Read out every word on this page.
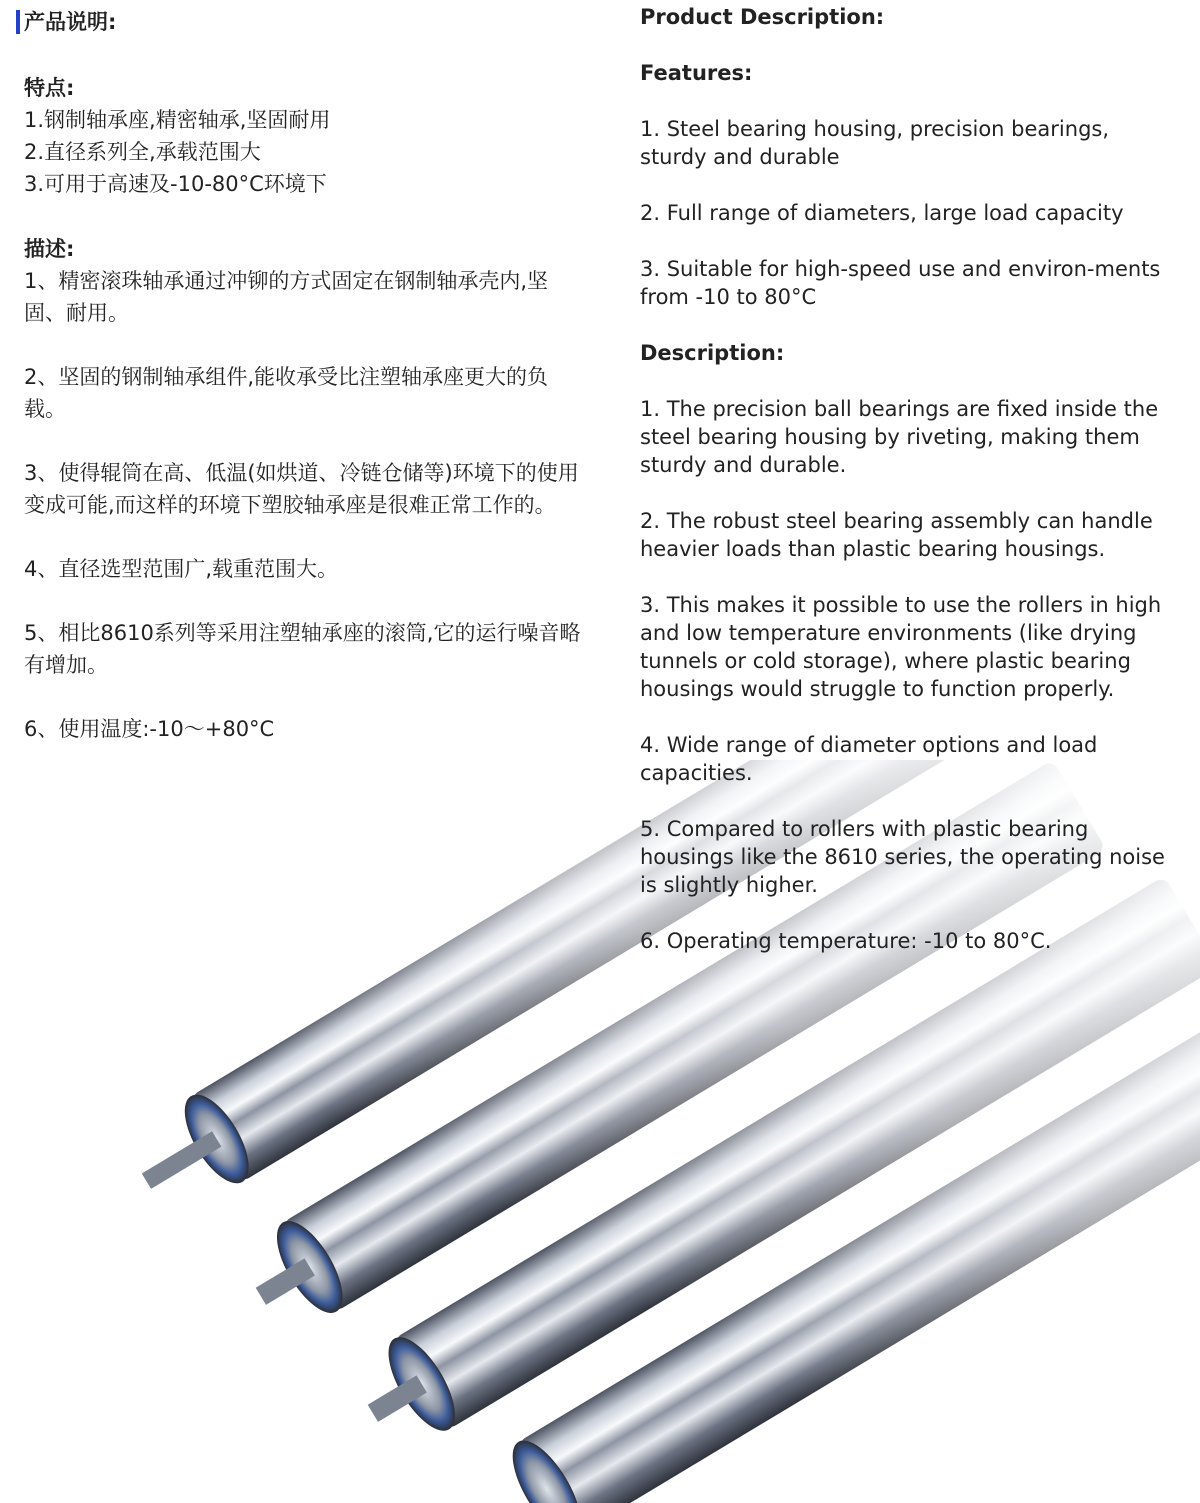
产品说明:

特点:

1.钢制轴承座,精密轴承,坚固耐用

2.直径系列全,承载范围大

3.可用于高速及-10-80°C环境下

描述:

1、精密滚珠轴承通过冲铆的方式固定在钢制轴承壳内,坚固、耐用。

2、坚固的钢制轴承组件,能收承受比注塑轴承座更大的负载。

3、使得辊筒在高、低温(如烘道、冷链仓储等)环境下的使用变成可能,而这样的环境下塑胶轴承座是很难正常工作的。

4、直径选型范围广,载重范围大。

5、相比8610系列等采用注塑轴承座的滚筒,它的运行噪音略有增加。

6、使用温度:-10～+80°C

Product Description:

Features:

1. Steel bearing housing, precision bearings, sturdy and durable

2. Full range of diameters, large load capacity

3. Suitable for high-speed use and environ-ments from -10 to 80°C

Description:

1. The precision ball bearings are fixed inside the steel bearing housing by riveting, making them sturdy and durable.

2. The robust steel bearing assembly can handle heavier loads than plastic bearing housings.

3. This makes it possible to use the rollers in high and low temperature environments (like drying tunnels or cold storage), where plastic bearing housings would struggle to function properly.

4. Wide range of diameter options and load capacities.

5. Compared to rollers with plastic bearing housings like the 8610 series, the operating noise is slightly higher.

6. Operating temperature: -10 to 80°C.
